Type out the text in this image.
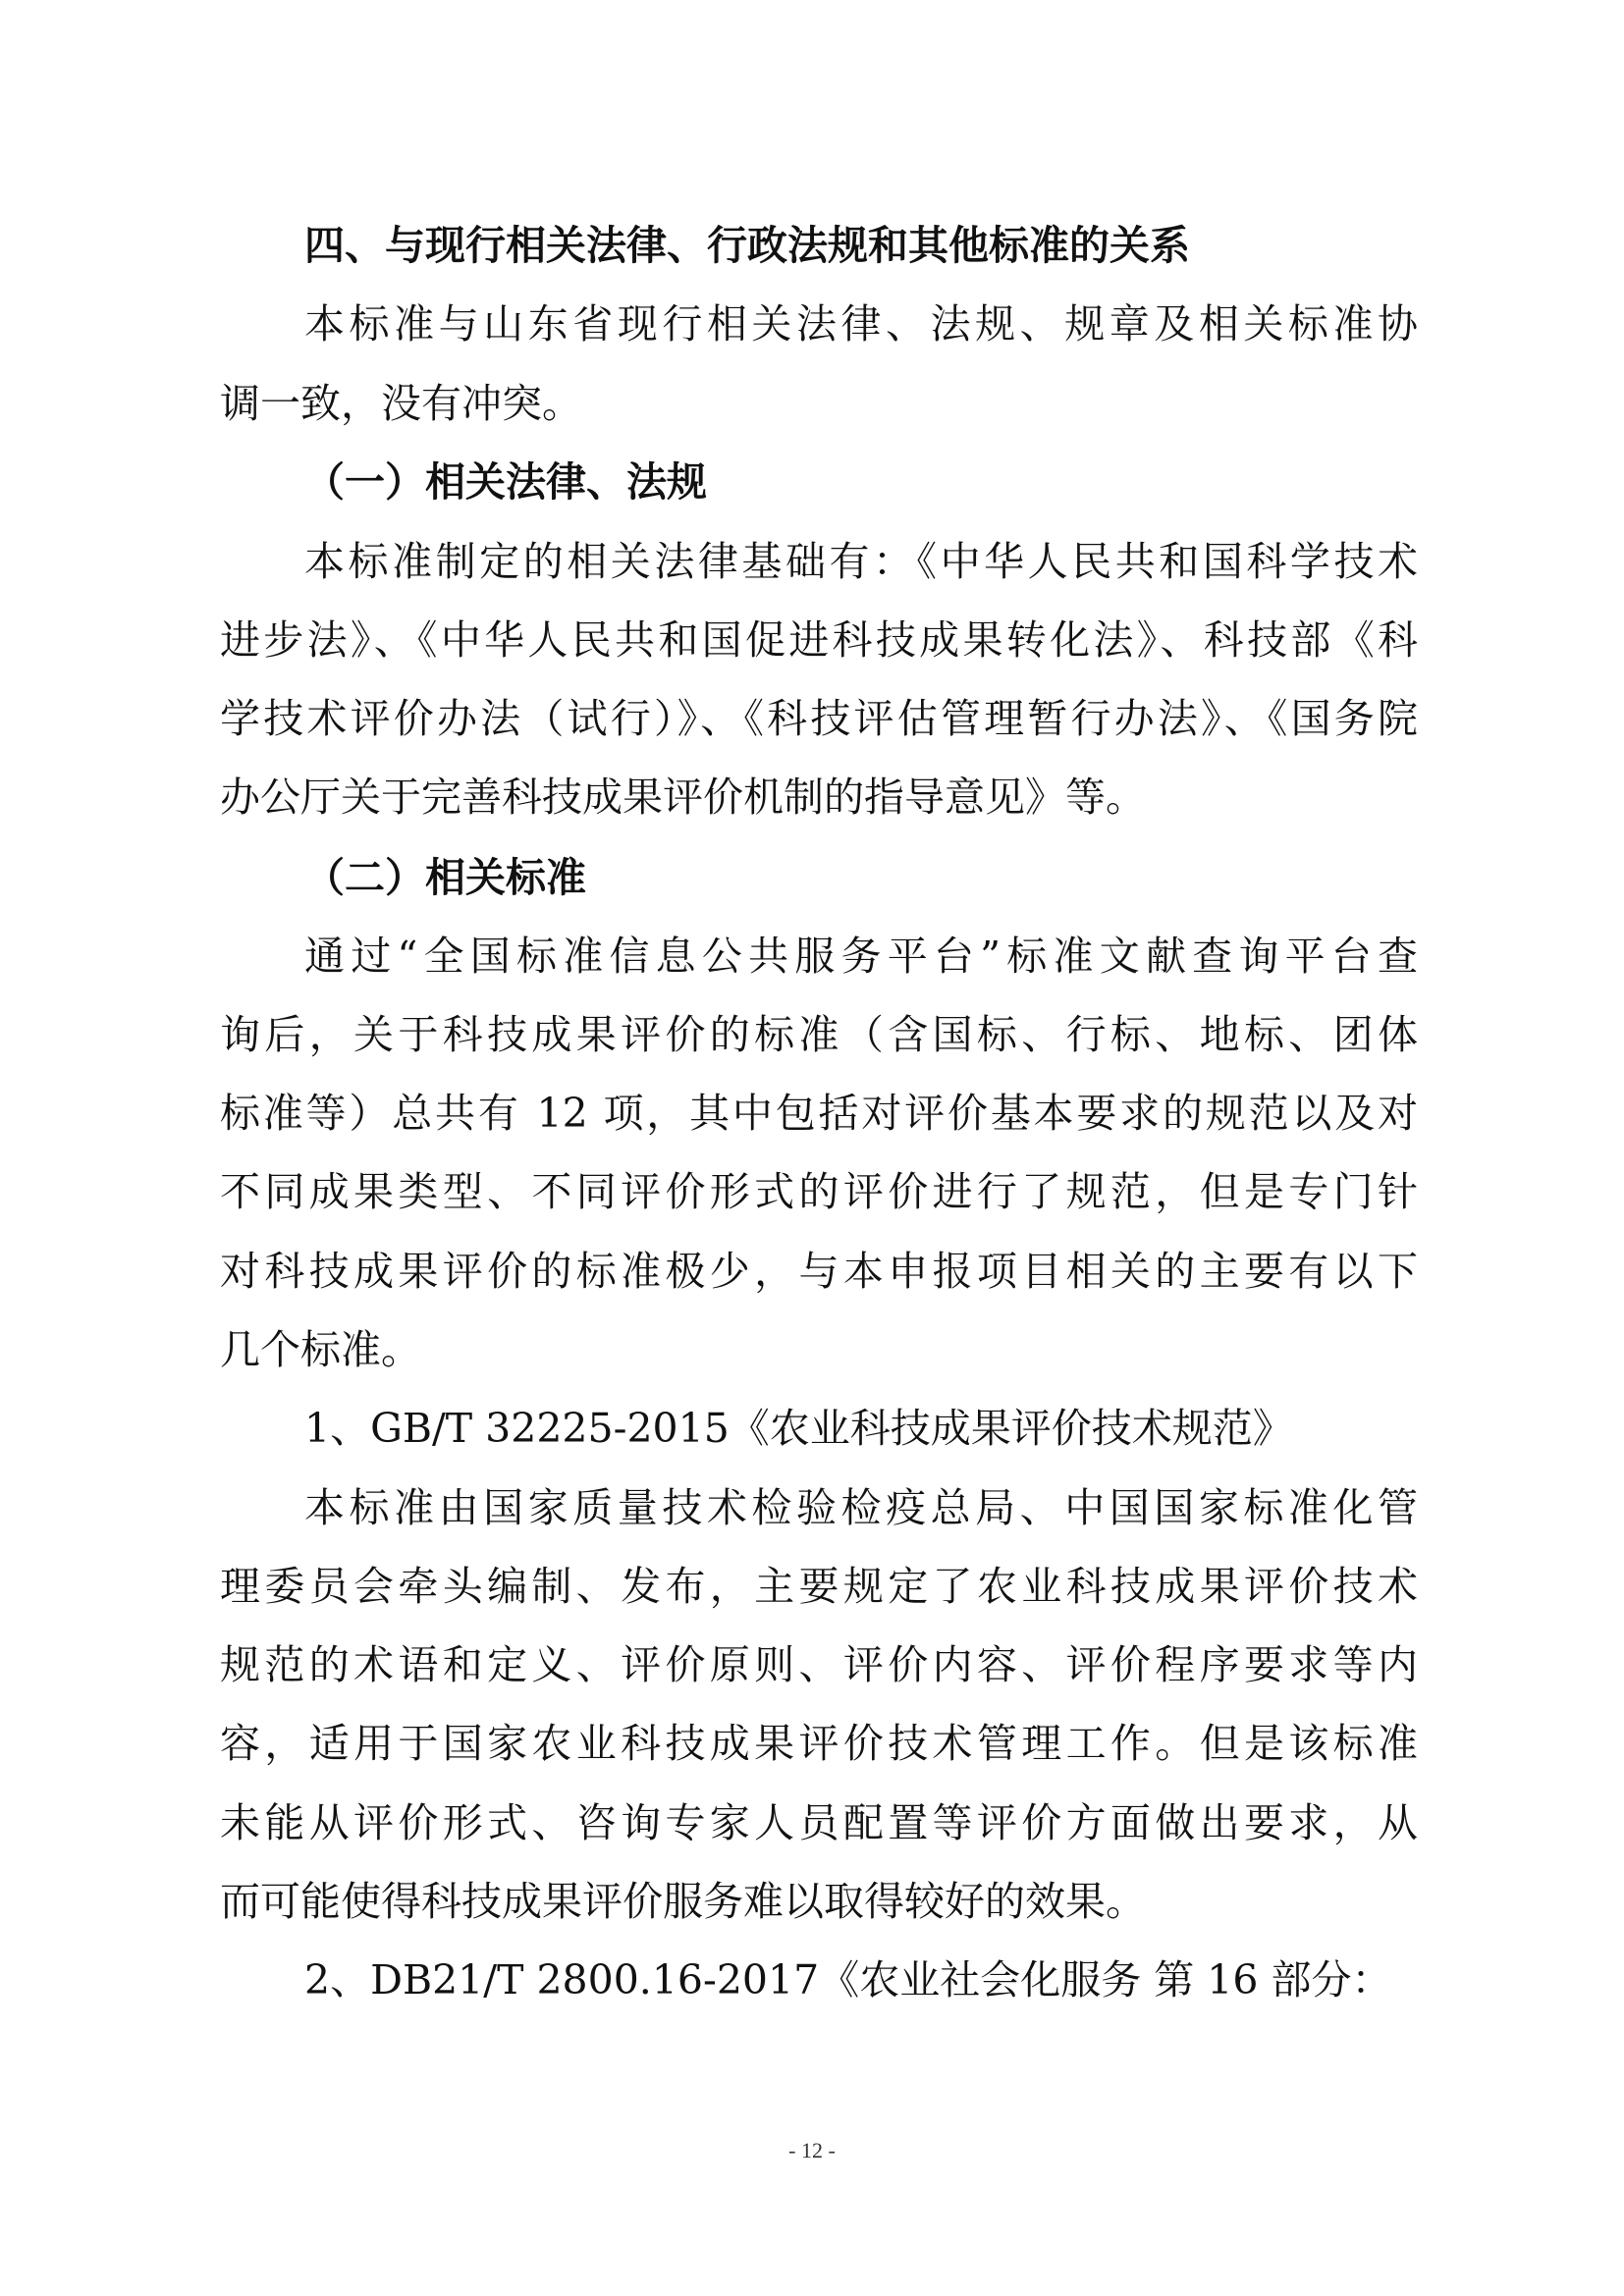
四、与现行相关法律、行政法规和其他标准的关系
本标准与山东省现行相关法律、法规、规章及相关标准协
调一致，没有冲突。
（一）相关法律、法规
本标准制定的相关法律基础有：《中华人民共和国科学技术
进步法》、《中华人民共和国促进科技成果转化法》、科技部《科
学技术评价办法（试行）》、《科技评估管理暂行办法》、《国务院
办公厅关于完善科技成果评价机制的指导意见》等。
（二）相关标准
通过“全国标准信息公共服务平台”标准文献查询平台查
询后，关于科技成果评价的标准（含国标、行标、地标、团体
标准等）总共有 12 项，其中包括对评价基本要求的规范以及对
不同成果类型、不同评价形式的评价进行了规范，但是专门针
对科技成果评价的标准极少，与本申报项目相关的主要有以下
几个标准。
1、GB/T 32225-2015《农业科技成果评价技术规范》
本标准由国家质量技术检验检疫总局、中国国家标准化管
理委员会牵头编制、发布，主要规定了农业科技成果评价技术
规范的术语和定义、评价原则、评价内容、评价程序要求等内
容，适用于国家农业科技成果评价技术管理工作。但是该标准
未能从评价形式、咨询专家人员配置等评价方面做出要求，从
而可能使得科技成果评价服务难以取得较好的效果。
2、DB21/T 2800.16-2017《农业社会化服务 第 16 部分：
- 12 -
